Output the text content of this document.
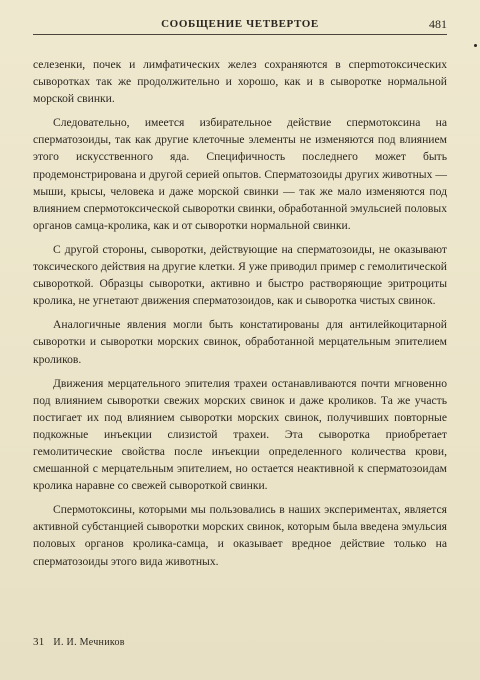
СООБЩЕНИЕ ЧЕТВЕРТОЕ	481

селезенки, почек и лимфатических желез сохраняются в сперmотоксических сыворотках так же продолжительно и хорошо, как и в сыворотке нормальной морской свинки.

Следовательно, имеется избирательное действие спермотоксина на сперматозоиды, так как другие клеточные элементы не изменяются под влиянием этого искусственного яда. Специфичность последнего может быть продемонстрирована и другой серией опытов. Сперматозоиды других животных — мыши, крысы, человека и даже морской свинки — так же мало изменяются под влиянием спермотоксической сыворотки свинки, обработанной эмульсией половых органов самца-кролика, как и от сыворотки нормальной свинки.

С другой стороны, сыворотки, действующие на сперматозоиды, не оказывают токсического действия на другие клетки. Я уже приводил пример с гемолитической сывороткой. Образцы сыворотки, активно и быстро растворяющие эритроциты кролика, не угнетают движения сперматозоидов, как и сыворотка чистых свинок.

Аналогичные явления могли быть констатированы для антилейкоцитарной сыворотки и сыворотки морских свинок, обработанной мерцательным эпителием кроликов.

Движения мерцательного эпителия трахеи останавливаются почти мгновенно под влиянием сыворотки свежих морских свинок и даже кроликов. Та же участь постигает их под влиянием сыворотки морских свинок, получивших повторные подкожные инъекции слизистой трахеи. Эта сыворотка приобретает гемолитические свойства после инъекции определенного количества крови, смешанной с мерцательным эпителием, но остается неактивной к сперматозоидам кролика наравне со свежей сывороткой свинки.

Спермотоксины, которыми мы пользовались в наших экспериментах, является активной субстанцией сыворотки морских свинок, которым была введена эмульсия половых органов кролика-самца, и оказывает вредное действие только на сперматозоиды этого вида животных.

31 И. И. Мечников
